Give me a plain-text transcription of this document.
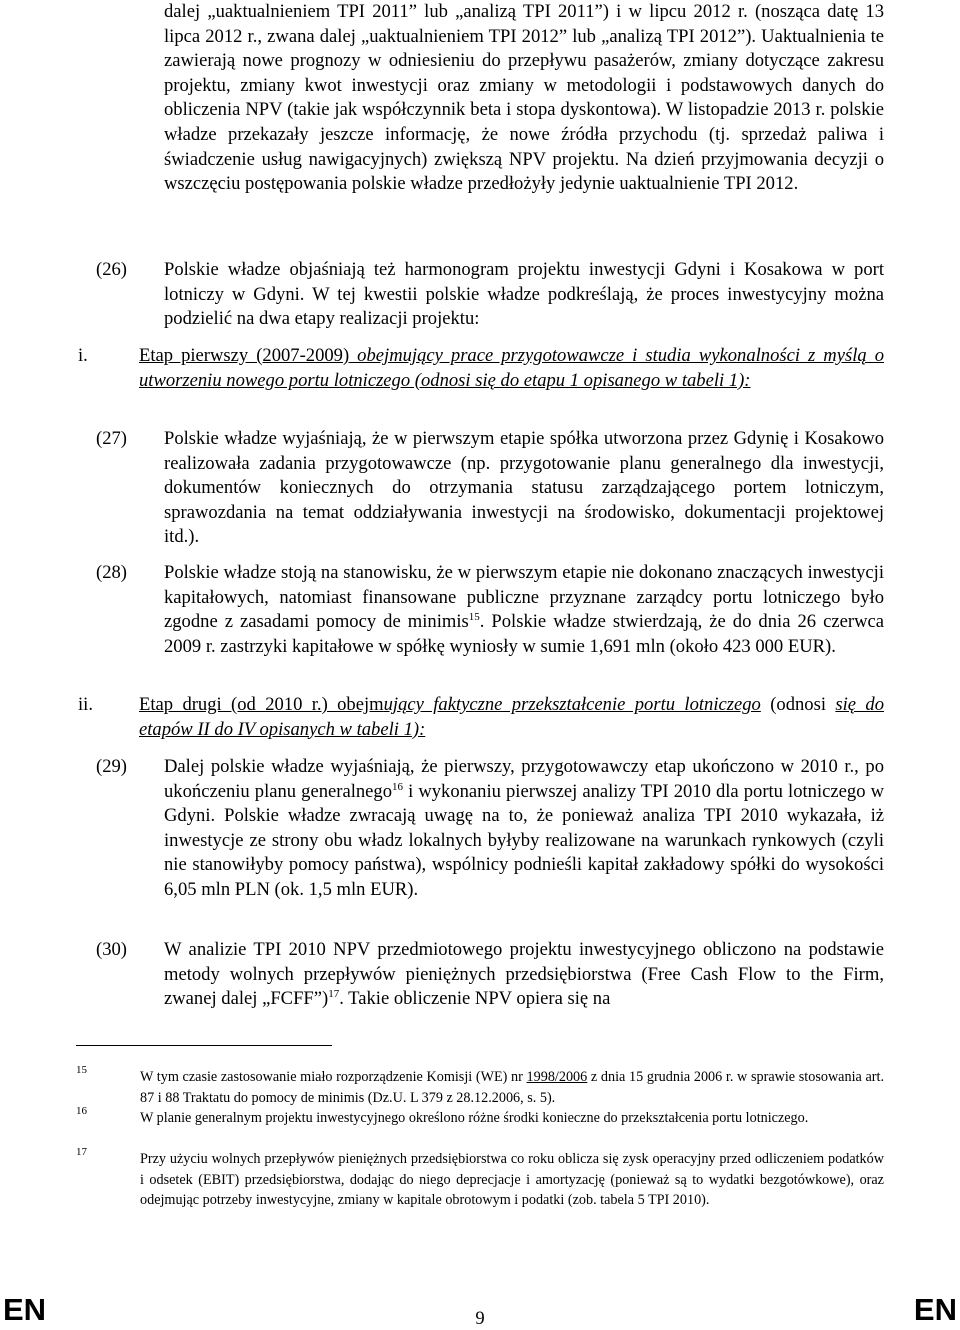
dalej „uaktualnieniem TPI 2011” lub „analizą TPI 2011”) i w lipcu 2012 r. (nosząca datę 13 lipca 2012 r., zwana dalej „uaktualnieniem TPI 2012” lub „analizą TPI 2012”). Uaktualnienia te zawierają nowe prognozy w odniesieniu do przepływu pasażerów, zmiany dotyczące zakresu projektu, zmiany kwot inwestycji oraz zmiany w metodologii i podstawowych danych do obliczenia NPV (takie jak współczynnik beta i stopa dyskontowa). W listopadzie 2013 r. polskie władze przekazały jeszcze informację, że nowe źródła przychodu (tj. sprzedaż paliwa i świadczenie usług nawigacyjnych) zwiększą NPV projektu. Na dzień przyjmowania decyzji o wszczęciu postępowania polskie władze przedłożyły jedynie uaktualnienie TPI 2012.
(26)	Polskie władze objaśniają też harmonogram projektu inwestycji Gdyni i Kosakowa w port lotniczy w Gdyni. W tej kwestii polskie władze podkreślają, że proces inwestycyjny można podzielić na dwa etapy realizacji projektu:
i.	Etap pierwszy (2007-2009) obejmujący prace przygotowawcze i studia wykonalności z myślą o utworzeniu nowego portu lotniczego (odnosi się do etapu 1 opisanego w tabeli 1):
(27)	Polskie władze wyjaśniają, że w pierwszym etapie spółka utworzona przez Gdynię i Kosakowo realizowała zadania przygotowawcze (np. przygotowanie planu generalnego dla inwestycji, dokumentów koniecznych do otrzymania statusu zarządzającego portem lotniczym, sprawozdania na temat oddziaływania inwestycji na środowisko, dokumentacji projektowej itd.).
(28)	Polskie władze stoją na stanowisku, że w pierwszym etapie nie dokonano znaczących inwestycji kapitałowych, natomiast finansowane publiczne przyznane zarządcy portu lotniczego było zgodne z zasadami pomocy de minimis$^{15}$. Polskie władze stwierdzają, że do dnia 26 czerwca 2009 r. zastrzyki kapitałowe w spółkę wyniosły w sumie 1,691 mln (około 423 000 EUR).
ii. Etap drugi (od 2010 r.) obejmujący faktyczne przekształcenie portu lotniczego (odnosi się do etapów II do IV opisanych w tabeli 1):
(29)	Dalej polskie władze wyjaśniają, że pierwszy, przygotowawczy etap ukończono w 2010 r., po ukończeniu planu generalnego$^{16}$ i wykonaniu pierwszej analizy TPI 2010 dla portu lotniczego w Gdyni. Polskie władze zwracają uwagę na to, że ponieważ analiza TPI 2010 wykazała, iż inwestycje ze strony obu władz lokalnych byłyby realizowane na warunkach rynkowych (czyli nie stanowiłyby pomocy państwa), wspólnicy podnieśli kapitał zakładowy spółki do wysokości 6,05 mln PLN (ok. 1,5 mln EUR).
(30)	W analizie TPI 2010 NPV przedmiotowego projektu inwestycyjnego obliczono na podstawie metody wolnych przepływów pieniężnych przedsiębiorstwa (Free Cash Flow to the Firm, zwanej dalej „FCFF”)$^{17}$. Takie obliczenie NPV opiera się na
15	W tym czasie zastosowanie miało rozporządzenie Komisji (WE) nr 1998/2006 z dnia 15 grudnia 2006 r. w sprawie stosowania art. 87 i 88 Traktatu do pomocy de minimis (Dz.U. L 379 z 28.12.2006, s. 5).
16	W planie generalnym projektu inwestycyjnego określono różne środki konieczne do przekształcenia portu lotniczego.
17	Przy użyciu wolnych przepływów pieniężnych przedsiębiorstwa co roku oblicza się zysk operacyjny przed odliczeniem podatków i odsetek (EBIT) przedsiębiorstwa, dodając do niego deprecjacje i amortyzację (ponieważ są to wydatki bezgotówkowe), oraz odejmując potrzeby inwestycyjne, zmiany w kapitale obrotowym i podatki (zob. tabela 5 TPI 2010).
EN	9	EN
